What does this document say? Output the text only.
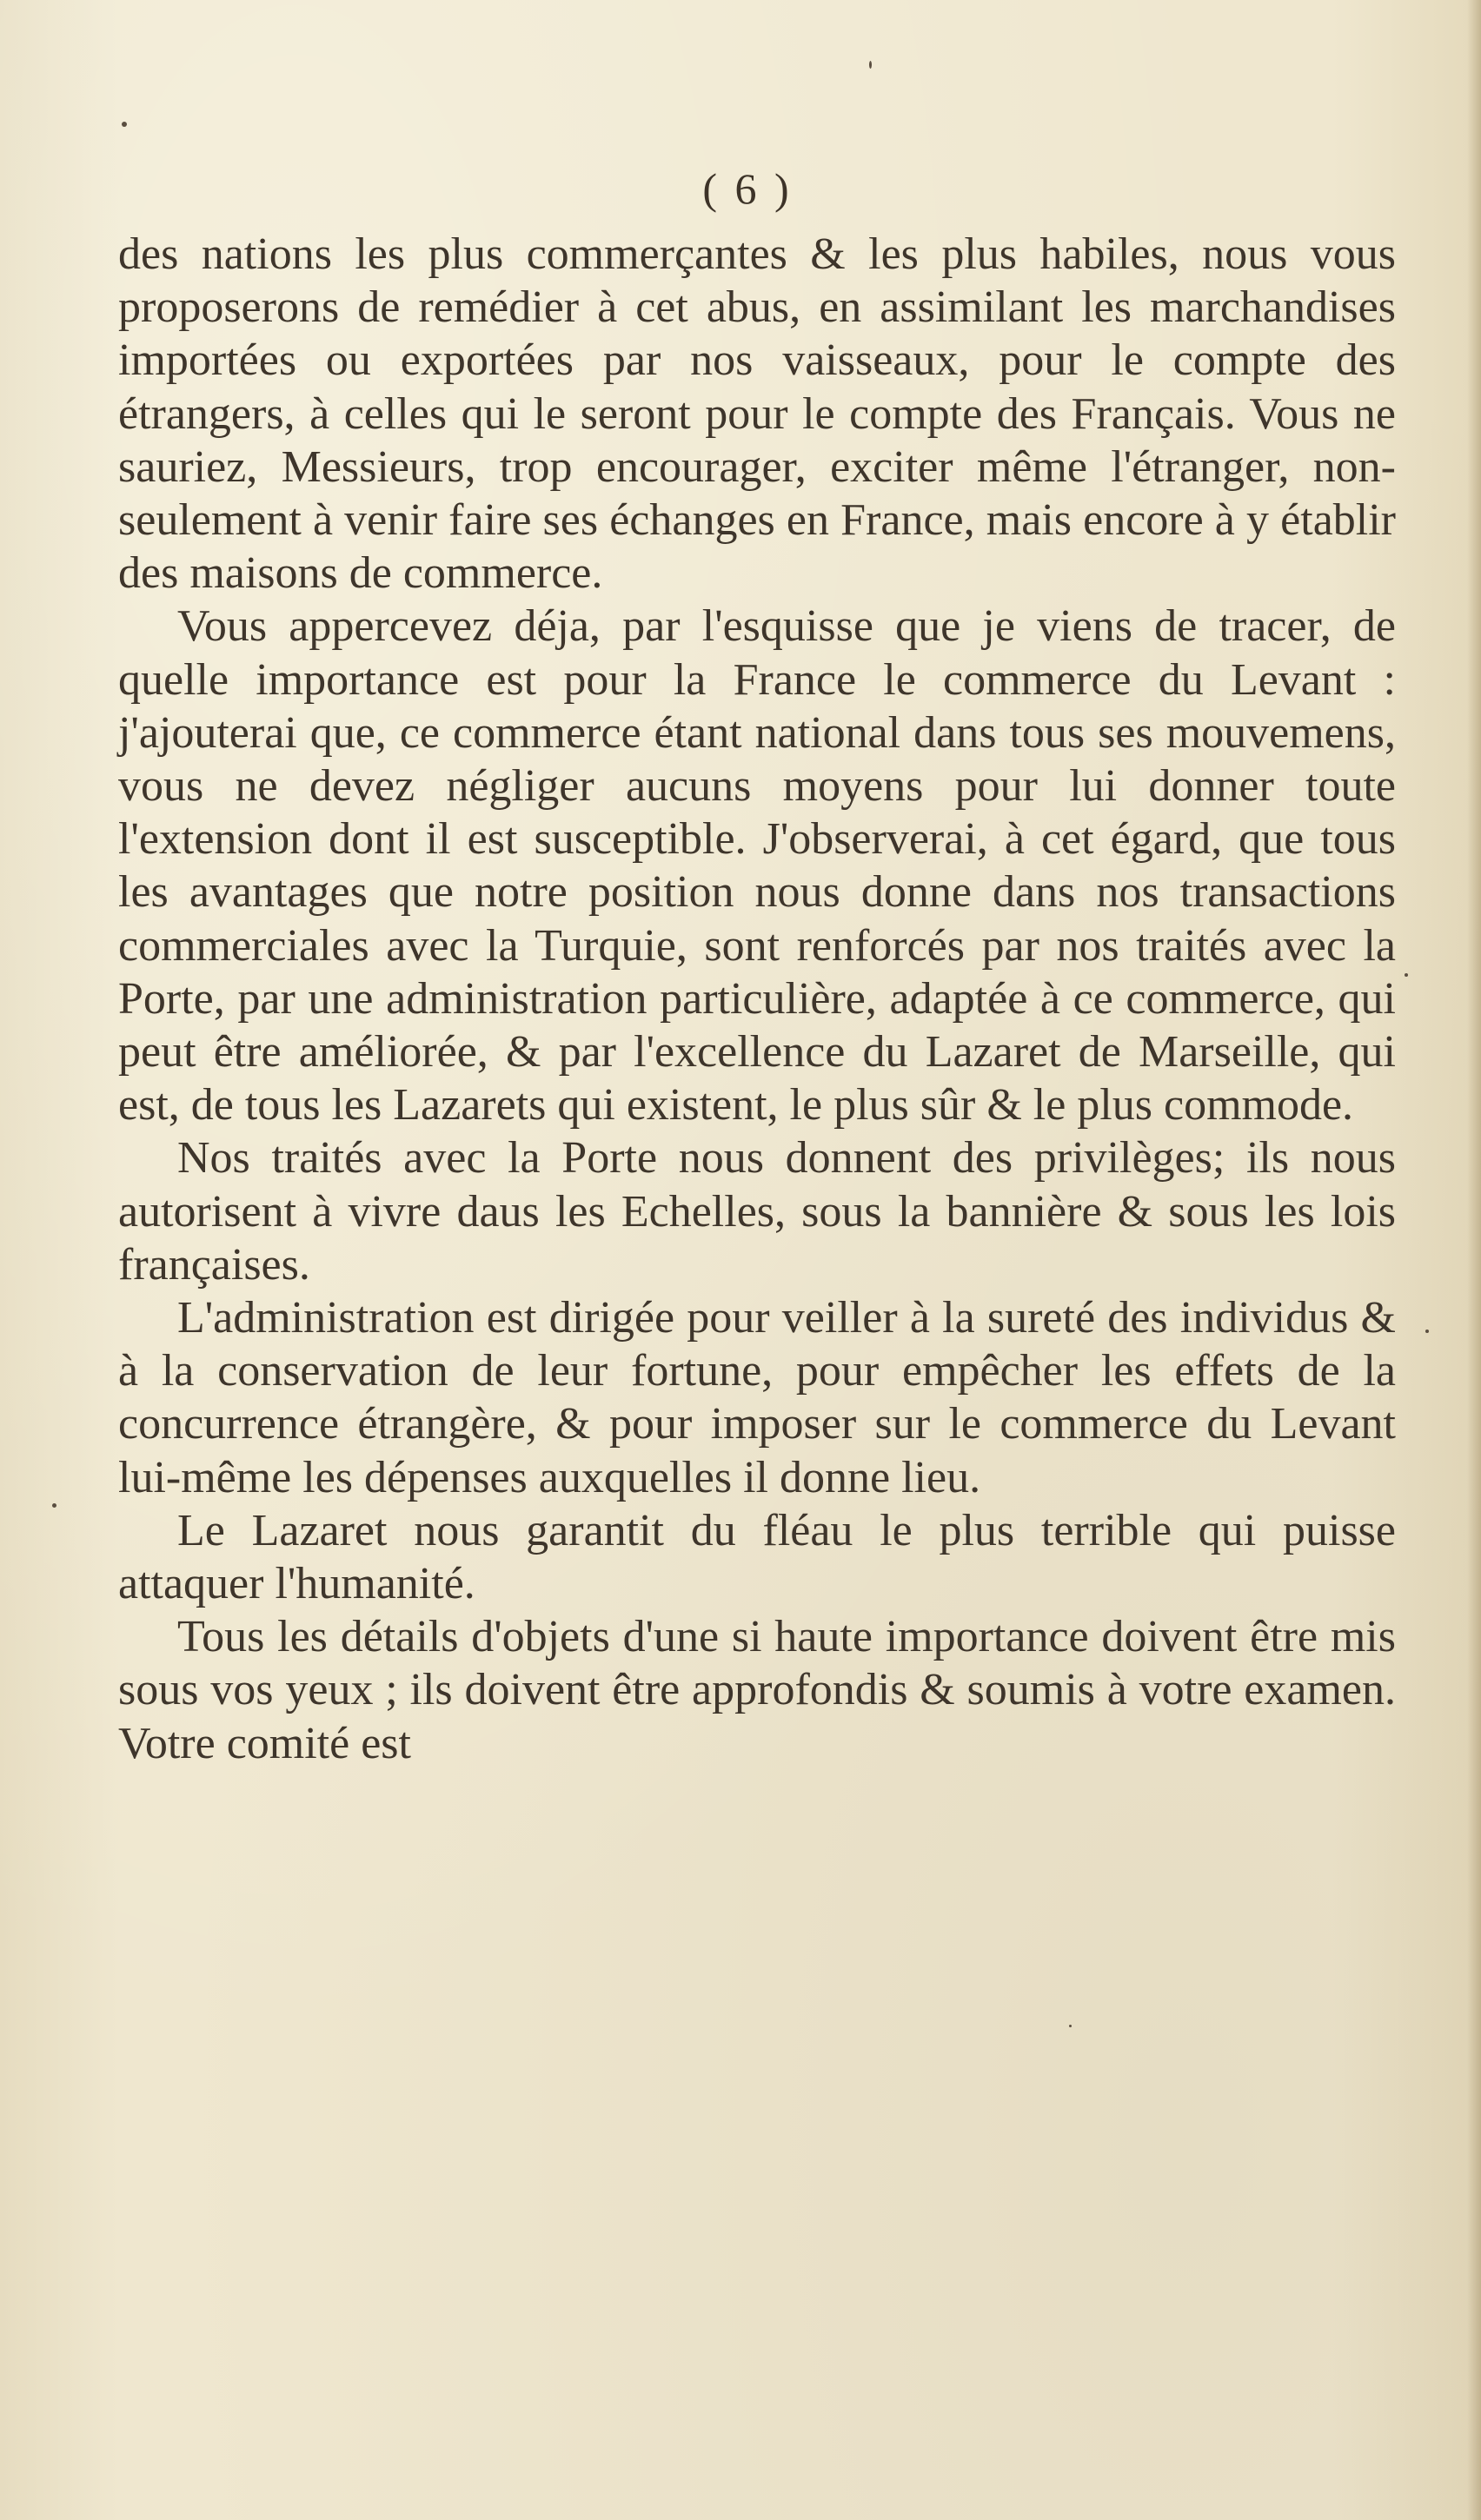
( 6 )

des nations les plus commerçantes & les plus habiles, nous vous proposerons de remédier à cet abus, en assimilant les marchandises importées ou exportées par nos vaisseaux, pour le compte des étrangers, à celles qui le seront pour le compte des Français. Vous ne sauriez, Messieurs, trop encourager, exciter même l'étranger, non-seulement à venir faire ses échanges en France, mais encore à y établir des maisons de commerce.

Vous appercevez déja, par l'esquisse que je viens de tracer, de quelle importance est pour la France le commerce du Levant : j'ajouterai que, ce commerce étant national dans tous ses mouvemens, vous ne devez négliger aucuns moyens pour lui donner toute l'extension dont il est susceptible. J'observerai, à cet égard, que tous les avantages que notre position nous donne dans nos transactions commerciales avec la Turquie, sont renforcés par nos traités avec la Porte, par une administration particulière, adaptée à ce commerce, qui peut être améliorée, & par l'excellence du Lazaret de Marseille, qui est, de tous les Lazarets qui existent, le plus sûr & le plus commode.

Nos traités avec la Porte nous donnent des privilèges; ils nous autorisent à vivre daus les Echelles, sous la bannière & sous les lois françaises.

L'administration est dirigée pour veiller à la sureté des individus & à la conservation de leur fortune, pour empêcher les effets de la concurrence étrangère, & pour imposer sur le commerce du Levant lui-même les dépenses auxquelles il donne lieu.

Le Lazaret nous garantit du fléau le plus terrible qui puisse attaquer l'humanité.

Tous les détails d'objets d'une si haute importance doivent être mis sous vos yeux ; ils doivent être approfondis & soumis à votre examen. Votre comité est
